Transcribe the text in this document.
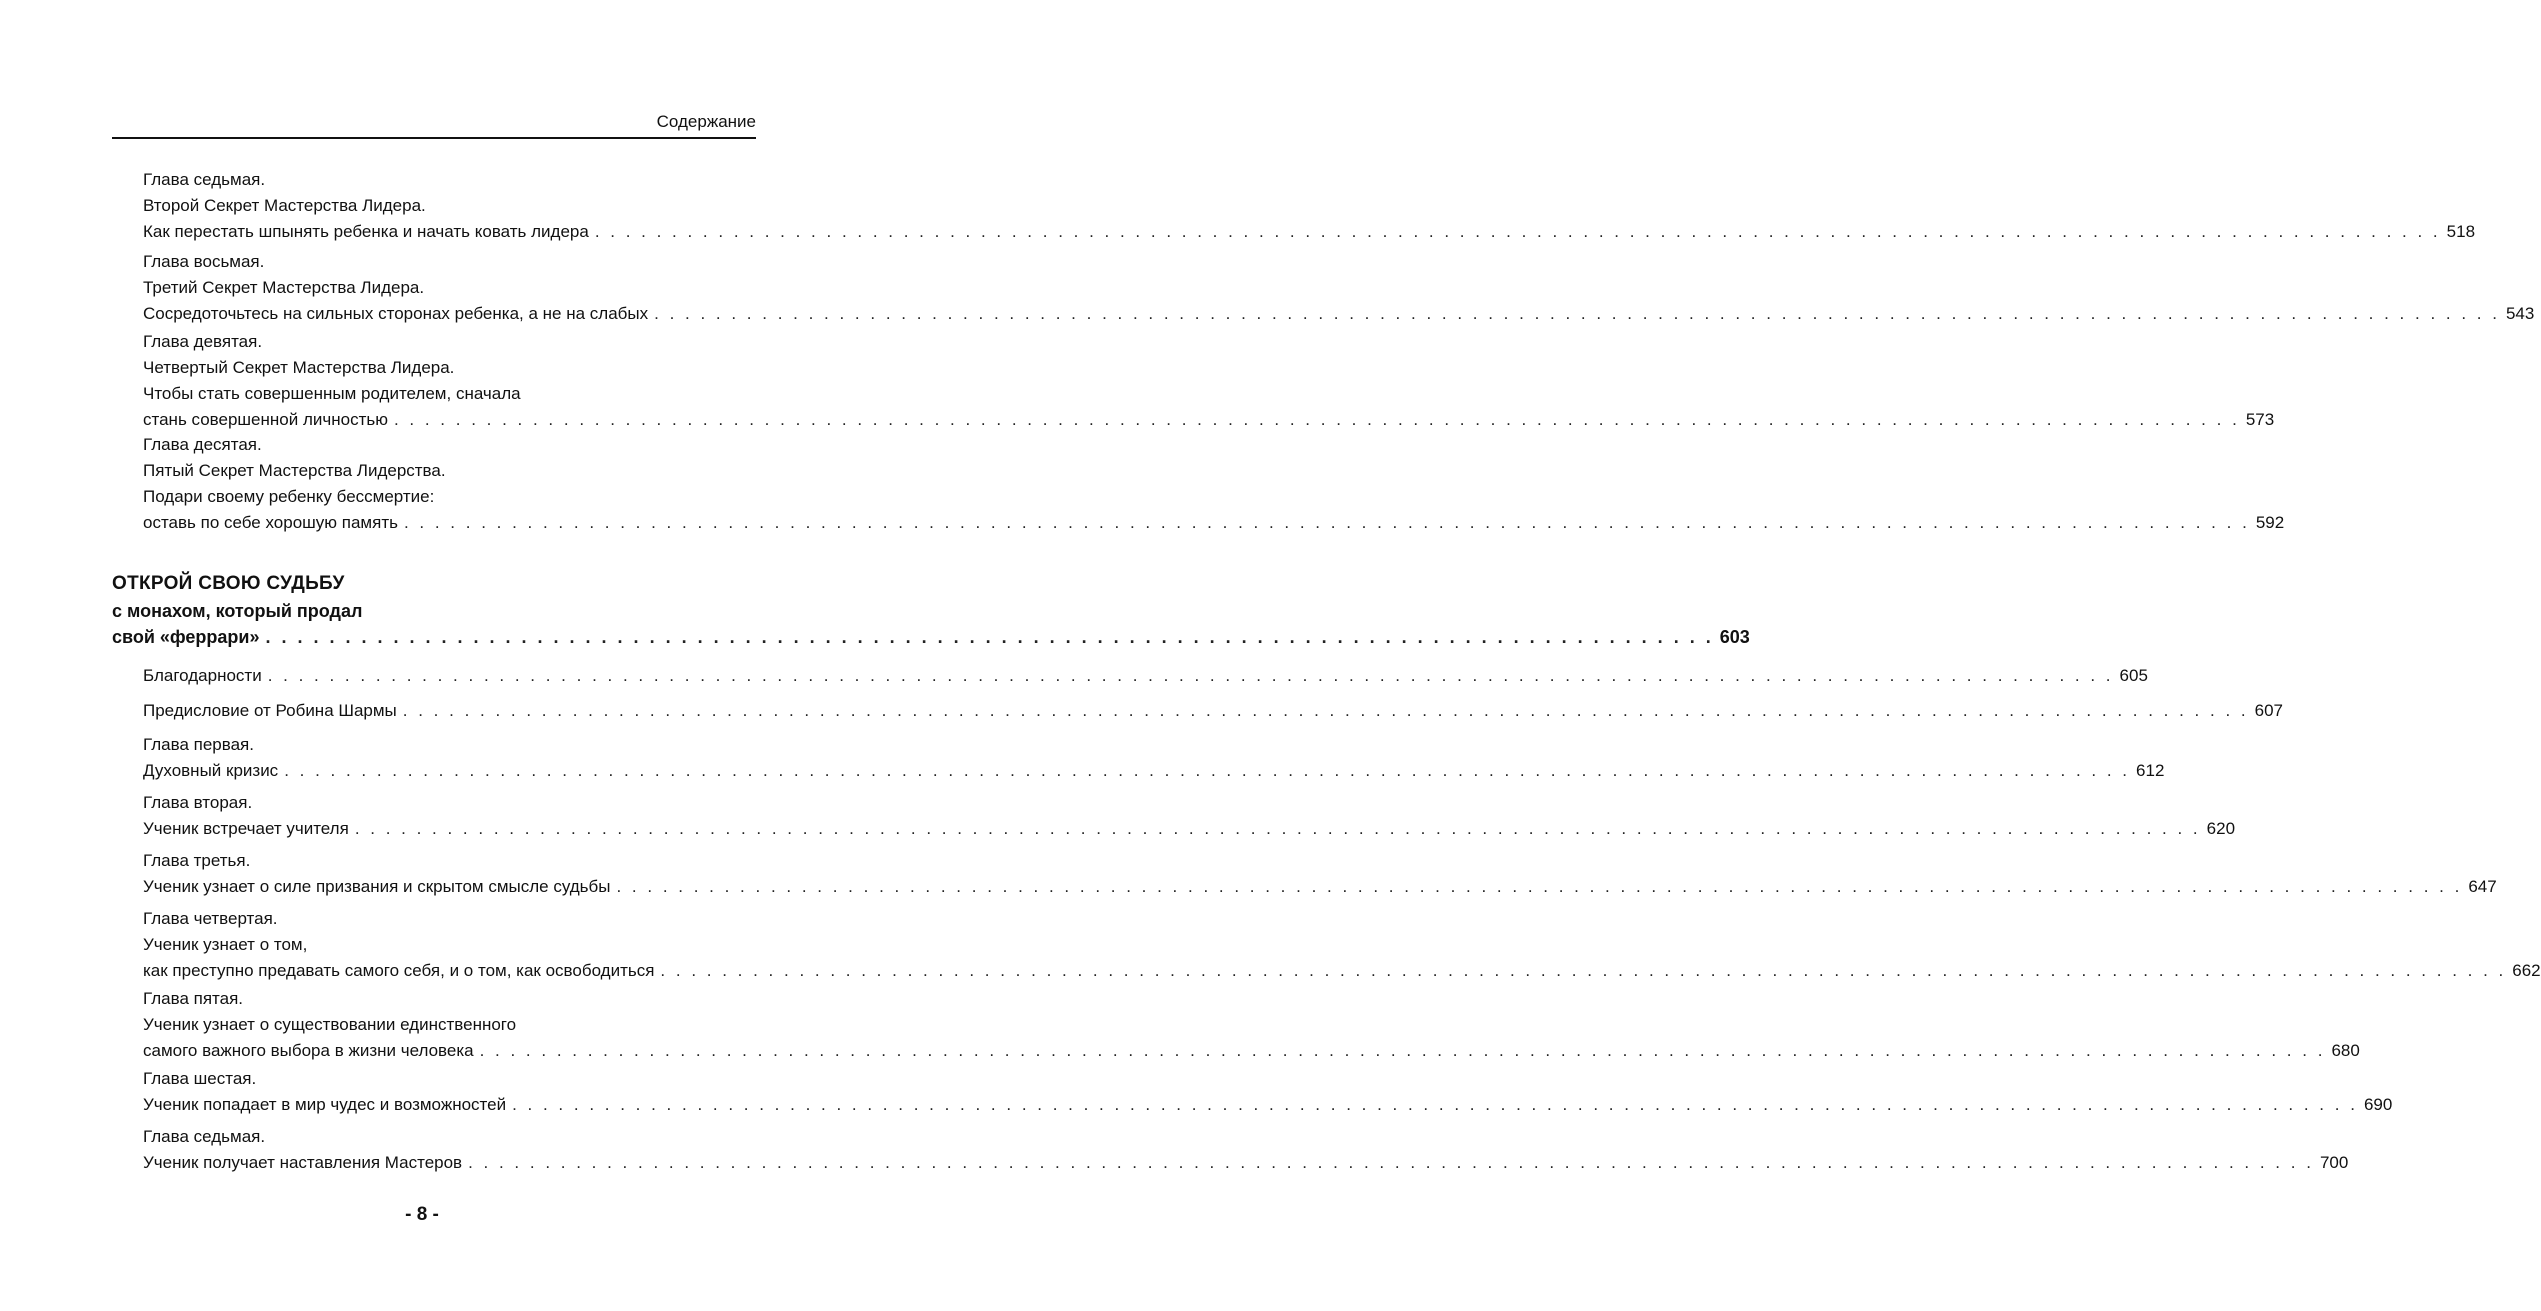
Содержание
Глава седьмая.
Второй Секрет Мастерства Лидера.
Как перестать шпынять ребенка и начать ковать лидера . . . . . . . . . . . . . . . . . . . . . . . . . . . . . . . . . . . . . . . . . . . . . . . . . . . . . . . . . . . . . . . . . . . . . . . . . . . . . . . . . . . . . . . . . . . . . . . . . . . . . . . . . . . . . . . . . . . . . . . . 518
Глава восьмая.
Третий Секрет Мастерства Лидера.
Сосредоточьтесь на сильных сторонах ребенка, а не на слабых . . . . . . . . . . . . . . . . . . . . . . . . . . . . . . . . . . . . . . . . . . . . . . . . . . . . . . . . . . . . . . . . . . . . . . . . . . . . . . . . . . . . . . . . . . . . . . . . . . . . . . . . . . . . . . . . . . . . . . . . 543
Глава девятая.
Четвертый Секрет Мастерства Лидера.
Чтобы стать совершенным родителем, сначала
стань совершенной личностью . . . . . . . . . . . . . . . . . . . . . . . . . . . . . . . . . . . . . . . . . . . . . . . . . . . . . . . . . . . . . . . . . . . . . . . . . . . . . . . . . . . . . . . . . . . . . . . . . . . . . . . . . . . . . . . . . . . . . . . . 573
Глава десятая.
Пятый Секрет Мастерства Лидерства.
Подари своему ребенку бессмертие:
оставь по себе хорошую память . . . . . . . . . . . . . . . . . . . . . . . . . . . . . . . . . . . . . . . . . . . . . . . . . . . . . . . . . . . . . . . . . . . . . . . . . . . . . . . . . . . . . . . . . . . . . . . . . . . . . . . . . . . . . . . . . . . . . . . . 592
Благодарности . . . . . . . . . . . . . . . . . . . . . . . . . . . . . . . . . . . . . . . . . . . . . . . . . . . . . . . . . . . . . . . . . . . . . . . . . . . . . . . . . . . . . . . . . . . . . . . . . . . . . . . . . . . . . . . . . . . . . . . . 605
Предисловие от Робина Шармы . . . . . . . . . . . . . . . . . . . . . . . . . . . . . . . . . . . . . . . . . . . . . . . . . . . . . . . . . . . . . . . . . . . . . . . . . . . . . . . . . . . . . . . . . . . . . . . . . . . . . . . . . . . . . . . . . . . . . . . . 607
Глава первая.
Духовный кризис . . . . . . . . . . . . . . . . . . . . . . . . . . . . . . . . . . . . . . . . . . . . . . . . . . . . . . . . . . . . . . . . . . . . . . . . . . . . . . . . . . . . . . . . . . . . . . . . . . . . . . . . . . . . . . . . . . . . . . . . 612
Глава вторая.
Ученик встречает учителя . . . . . . . . . . . . . . . . . . . . . . . . . . . . . . . . . . . . . . . . . . . . . . . . . . . . . . . . . . . . . . . . . . . . . . . . . . . . . . . . . . . . . . . . . . . . . . . . . . . . . . . . . . . . . . . . . . . . . . . . 620
Глава третья.
Ученик узнает о силе призвания и скрытом смысле судьбы . . . . . . . . . . . . . . . . . . . . . . . . . . . . . . . . . . . . . . . . . . . . . . . . . . . . . . . . . . . . . . . . . . . . . . . . . . . . . . . . . . . . . . . . . . . . . . . . . . . . . . . . . . . . . . . . . . . . . . . . 647
Глава четвертая.
Ученик узнает о том,
как преступно предавать самого себя, и о том, как освободиться . . . . . . . . . . . . . . . . . . . . . . . . . . . . . . . . . . . . . . . . . . . . . . . . . . . . . . . . . . . . . . . . . . . . . . . . . . . . . . . . . . . . . . . . . . . . . . . . . . . . . . . . . . . . . . . . . . . . . . . . 662
Глава пятая.
Ученик узнает о существовании единственного
самого важного выбора в жизни человека . . . . . . . . . . . . . . . . . . . . . . . . . . . . . . . . . . . . . . . . . . . . . . . . . . . . . . . . . . . . . . . . . . . . . . . . . . . . . . . . . . . . . . . . . . . . . . . . . . . . . . . . . . . . . . . . . . . . . . . . 680
Глава шестая.
Ученик попадает в мир чудес и возможностей . . . . . . . . . . . . . . . . . . . . . . . . . . . . . . . . . . . . . . . . . . . . . . . . . . . . . . . . . . . . . . . . . . . . . . . . . . . . . . . . . . . . . . . . . . . . . . . . . . . . . . . . . . . . . . . . . . . . . . . . 690
Глава седьмая.
Ученик получает наставления Мастеров . . . . . . . . . . . . . . . . . . . . . . . . . . . . . . . . . . . . . . . . . . . . . . . . . . . . . . . . . . . . . . . . . . . . . . . . . . . . . . . . . . . . . . . . . . . . . . . . . . . . . . . . . . . . . . . . . . . . . . . . 700
ОТКРОЙ СВОЮ СУДЬБУ
с монахом, который продал
свой «феррари» . . . . . . . . . . . . . . . . . . . . . . . . . . . . . . . . . . . . . . . . . . . . . . . . . . . . . . . . . . . . . . . . . . . . . . . . . . . . . . . . . . . . . . . . . . . 603
- 8 -
